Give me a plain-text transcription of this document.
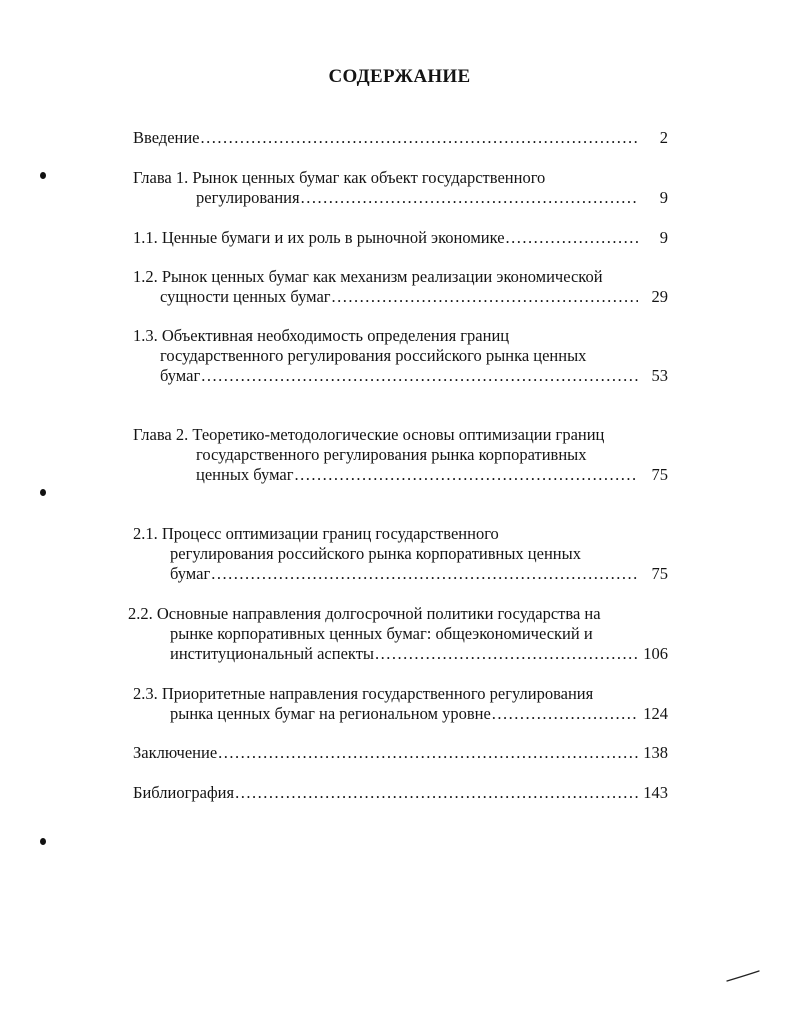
СОДЕРЖАНИЕ
Введение .....	2
Глава 1. Рынок ценных бумаг как объект государственного
регулирования .....	9
1.1. Ценные бумаги и их роль в рыночной экономике .....	9
1.2. Рынок ценных бумаг как механизм реализации экономической
сущности ценных бумаг .....	29
1.3. Объективная необходимость определения границ
государственного регулирования российского рынка ценных
бумаг .....	53
Глава 2. Теоретико-методологические основы оптимизации границ
государственного регулирования рынка корпоративных
ценных бумаг .....	75
2.1. Процесс оптимизации границ государственного
регулирования российского рынка корпоративных ценных
бумаг .....	75
2.2. Основные направления долгосрочной политики государства на
рынке корпоративных ценных бумаг: общеэкономический и
институциональный аспекты .....	106
2.3. Приоритетные направления государственного регулирования
рынка ценных бумаг на региональном уровне .....	124
Заключение .....	138
Библиография .....	143
